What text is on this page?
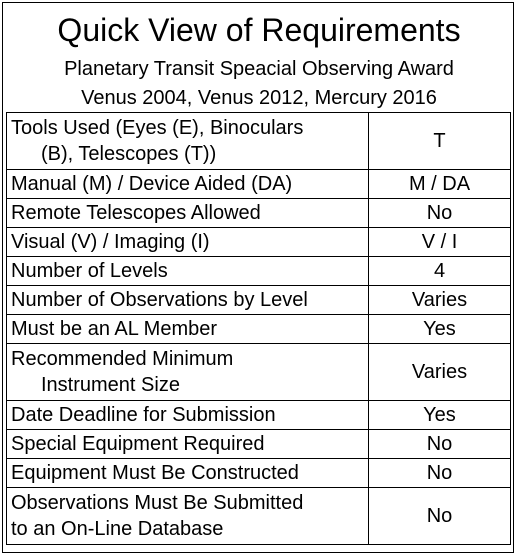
Quick View of Requirements
Planetary Transit Speacial Observing Award
Venus 2004, Venus 2012, Mercury 2016
Tools Used (Eyes (E), Binoculars
(B), Telescopes (T))	T
Manual (M) / Device Aided (DA)	M / DA
Remote Telescopes Allowed	No
Visual (V) / Imaging (I)	V / I
Number of Levels	4
Number of Observations by Level	Varies
Must be an AL Member	Yes

Recommended Minimum
Instrument Size	Varies
Date Deadline for Submission	Yes
Special Equipment Required	No
Equipment Must Be Constructed	No

Observations Must Be Submitted
to an On-Line Database	No
